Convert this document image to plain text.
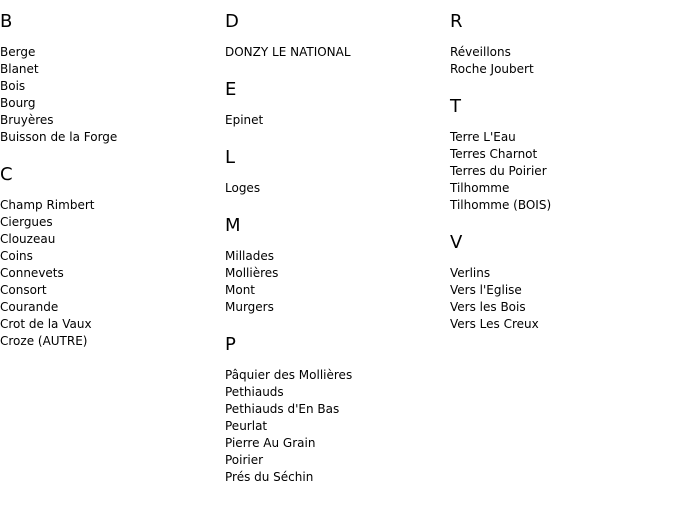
B
Berge
Blanet
Bois
Bourg
Bruyères
Buisson de la Forge
C
Champ Rimbert
Ciergues
Clouzeau
Coins
Connevets
Consort
Courande
Crot de la Vaux
Croze (AUTRE)
D
DONZY LE NATIONAL
E
Epinet
L
Loges
M
Millades
Mollières
Mont
Murgers
P
Pâquier des Mollières
Pethiauds
Pethiauds d'En Bas
Peurlat
Pierre Au Grain
Poirier
Prés du Séchin
R
Réveillons
Roche Joubert
T
Terre L'Eau
Terres Charnot
Terres du Poirier
Tilhomme
Tilhomme (BOIS)
V
Verlins
Vers l'Eglise
Vers les Bois
Vers Les Creux
